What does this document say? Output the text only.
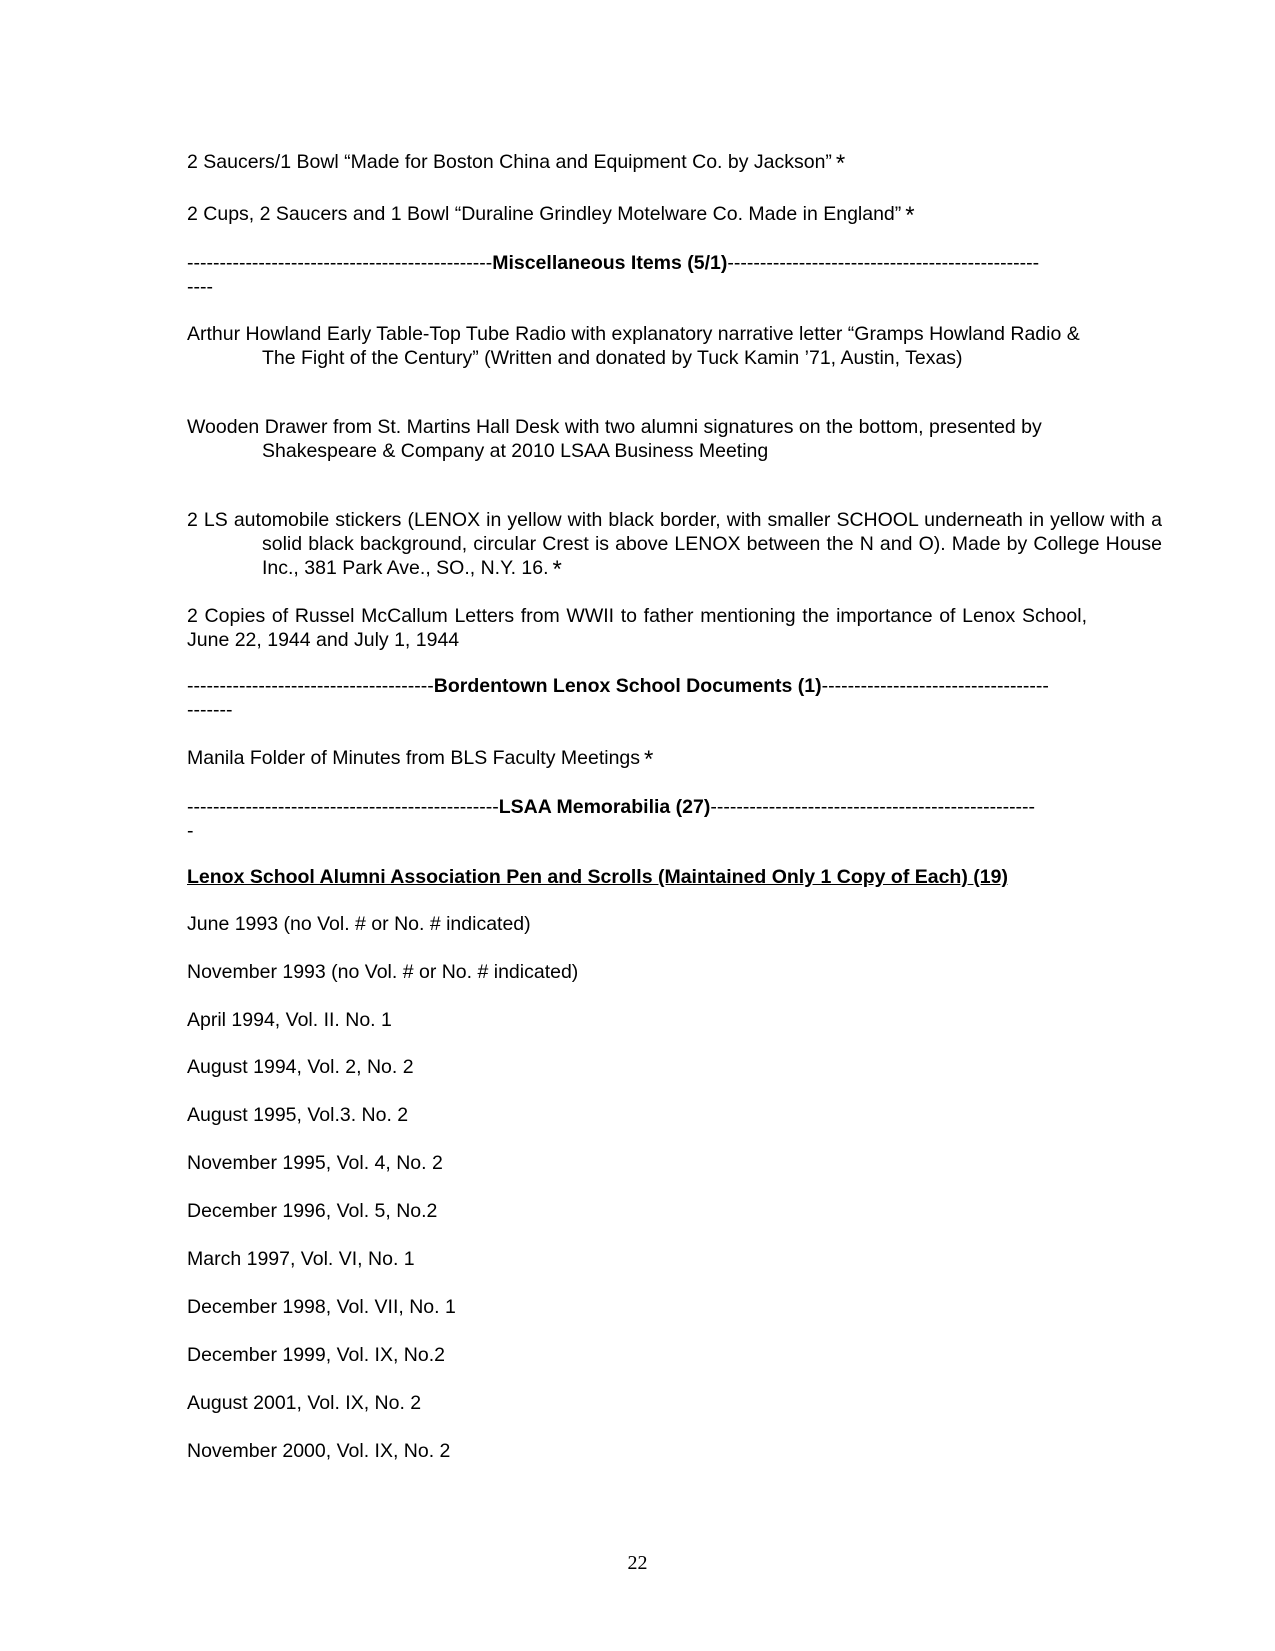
2 Saucers/1 Bowl “Made for Boston China and Equipment Co. by Jackson” *
2 Cups, 2 Saucers and 1 Bowl “Duraline Grindley Motelware Co. Made in England” *
-----------------------------------------------Miscellaneous Items (5/1)------------------------------------------------
----
Arthur Howland Early Table-Top Tube Radio with explanatory narrative letter “Gramps Howland Radio &
The Fight of the Century” (Written and donated by Tuck Kamin ’71, Austin, Texas)
Wooden Drawer from St. Martins Hall Desk with two alumni signatures on the bottom, presented by
Shakespeare & Company at 2010 LSAA Business Meeting
2 LS automobile stickers (LENOX in yellow with black border, with smaller SCHOOL underneath in yellow with a solid black background, circular Crest is above LENOX between the N and O). Made by College House Inc., 381 Park Ave., SO., N.Y. 16. *
2 Copies of Russel McCallum Letters from WWII to father mentioning the importance of Lenox School, June 22, 1944 and July 1, 1944
--------------------------------------Bordentown Lenox School Documents (1)-----------------------------------
-------
Manila Folder of Minutes from BLS Faculty Meetings *
------------------------------------------------LSAA Memorabilia (27)--------------------------------------------------
-
Lenox School Alumni Association Pen and Scrolls (Maintained Only 1 Copy of Each) (19)
June 1993 (no Vol. # or No. # indicated)
November 1993 (no Vol. # or No. # indicated)
April 1994, Vol. II. No. 1
August 1994, Vol. 2, No. 2
August 1995, Vol.3. No. 2
November 1995, Vol. 4, No. 2
December 1996, Vol. 5, No.2
March 1997, Vol. VI, No. 1
December 1998, Vol. VII, No. 1
December 1999, Vol. IX, No.2
August 2001, Vol. IX, No. 2
November 2000, Vol. IX, No. 2
22
